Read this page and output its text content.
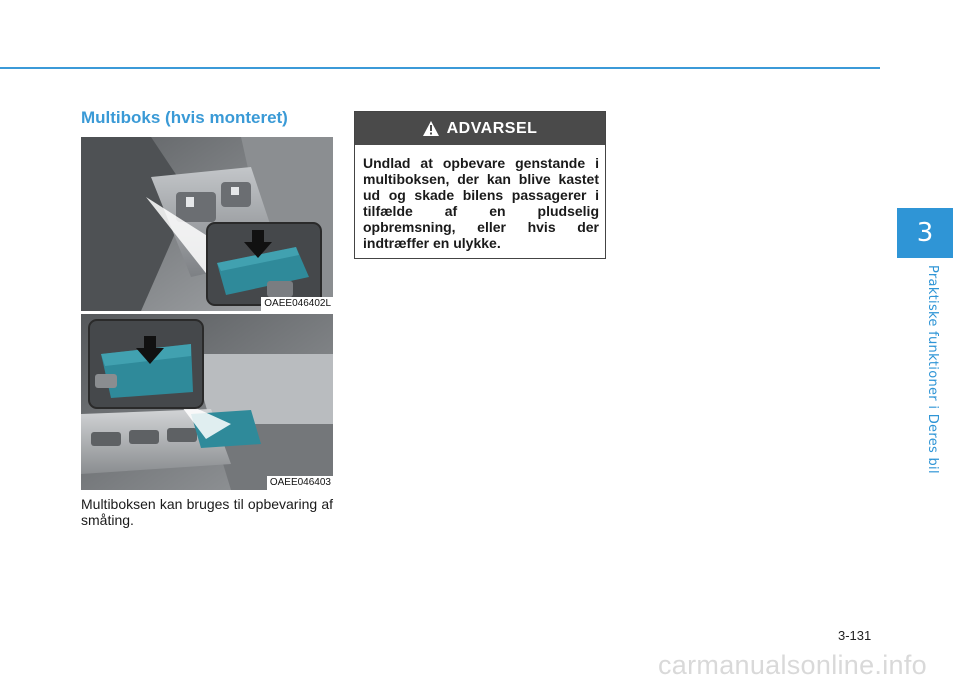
3
Praktiske funktioner i Deres bil
Multiboks (hvis monteret)
OAEE046402L
OAEE046403
Multiboksen kan bruges til opbevaring af småting.
ADVARSEL
Undlad at opbevare genstande i multiboksen, der kan blive kastet ud og skade bilens passagerer i tilfælde af en pludselig opbremsning, eller hvis der indtræffer en ulykke.
3-131
carmanualsonline.info
